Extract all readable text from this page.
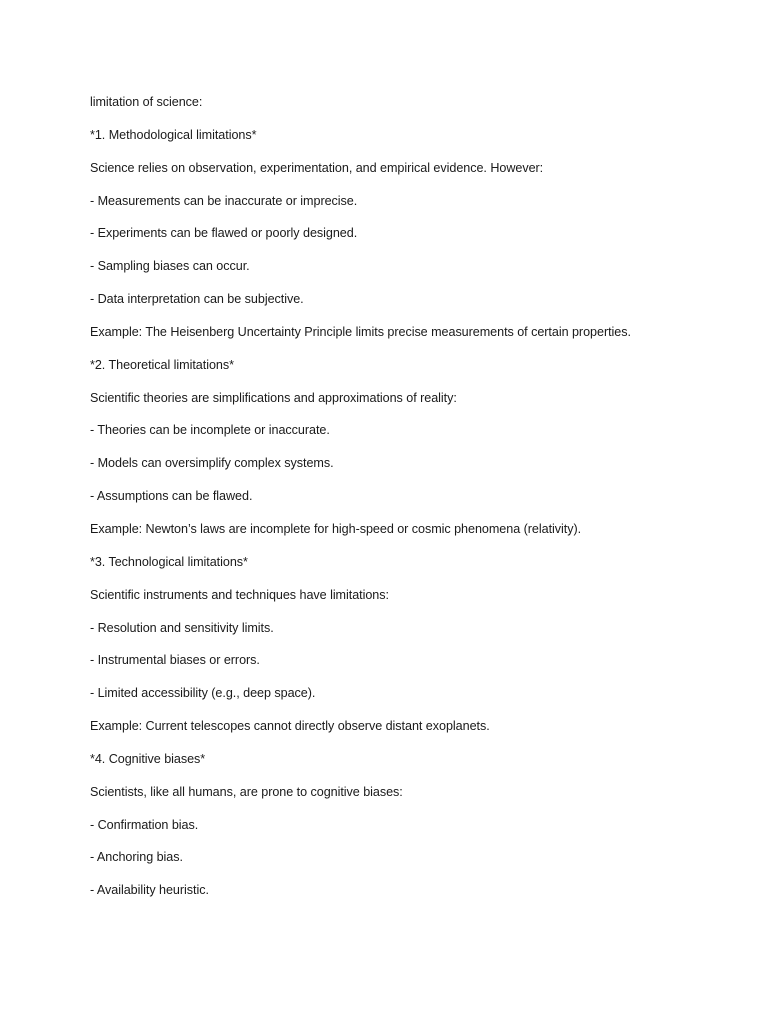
limitation of science:
*1. Methodological limitations*
Science relies on observation, experimentation, and empirical evidence. However:
- Measurements can be inaccurate or imprecise.
- Experiments can be flawed or poorly designed.
- Sampling biases can occur.
- Data interpretation can be subjective.
Example: The Heisenberg Uncertainty Principle limits precise measurements of certain properties.
*2. Theoretical limitations*
Scientific theories are simplifications and approximations of reality:
- Theories can be incomplete or inaccurate.
- Models can oversimplify complex systems.
- Assumptions can be flawed.
Example: Newton’s laws are incomplete for high-speed or cosmic phenomena (relativity).
*3. Technological limitations*
Scientific instruments and techniques have limitations:
- Resolution and sensitivity limits.
- Instrumental biases or errors.
- Limited accessibility (e.g., deep space).
Example: Current telescopes cannot directly observe distant exoplanets.
*4. Cognitive biases*
Scientists, like all humans, are prone to cognitive biases:
- Confirmation bias.
- Anchoring bias.
- Availability heuristic.
